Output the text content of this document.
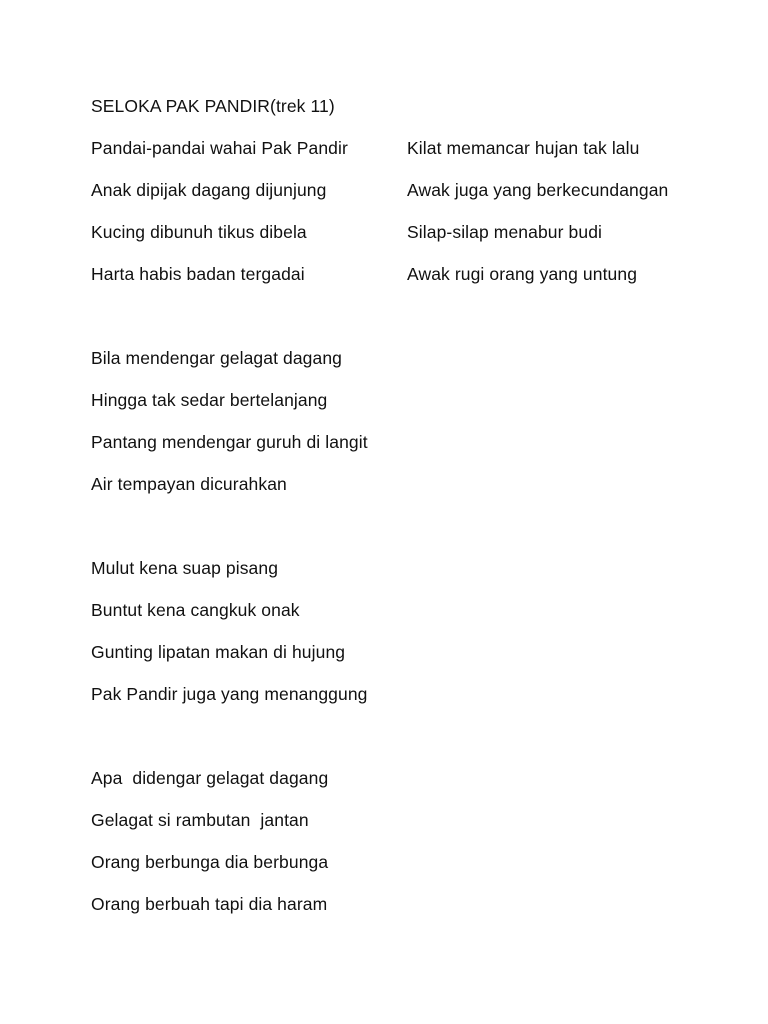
SELOKA PAK PANDIR(trek 11)
Pandai-pandai wahai Pak Pandir
Anak dipijak dagang dijunjung
Kucing dibunuh tikus dibela
Harta habis badan tergadai
Kilat memancar hujan tak lalu
Awak juga yang berkecundangan
Silap-silap menabur budi
Awak rugi orang yang untung
Bila mendengar gelagat dagang
Hingga tak sedar bertelanjang
Pantang mendengar guruh di langit
Air tempayan dicurahkan
Mulut kena suap pisang
Buntut kena cangkuk onak
Gunting lipatan makan di hujung
Pak Pandir juga yang menanggung
Apa  didengar gelagat dagang
Gelagat si rambutan  jantan
Orang berbunga dia berbunga
Orang berbuah tapi dia haram
